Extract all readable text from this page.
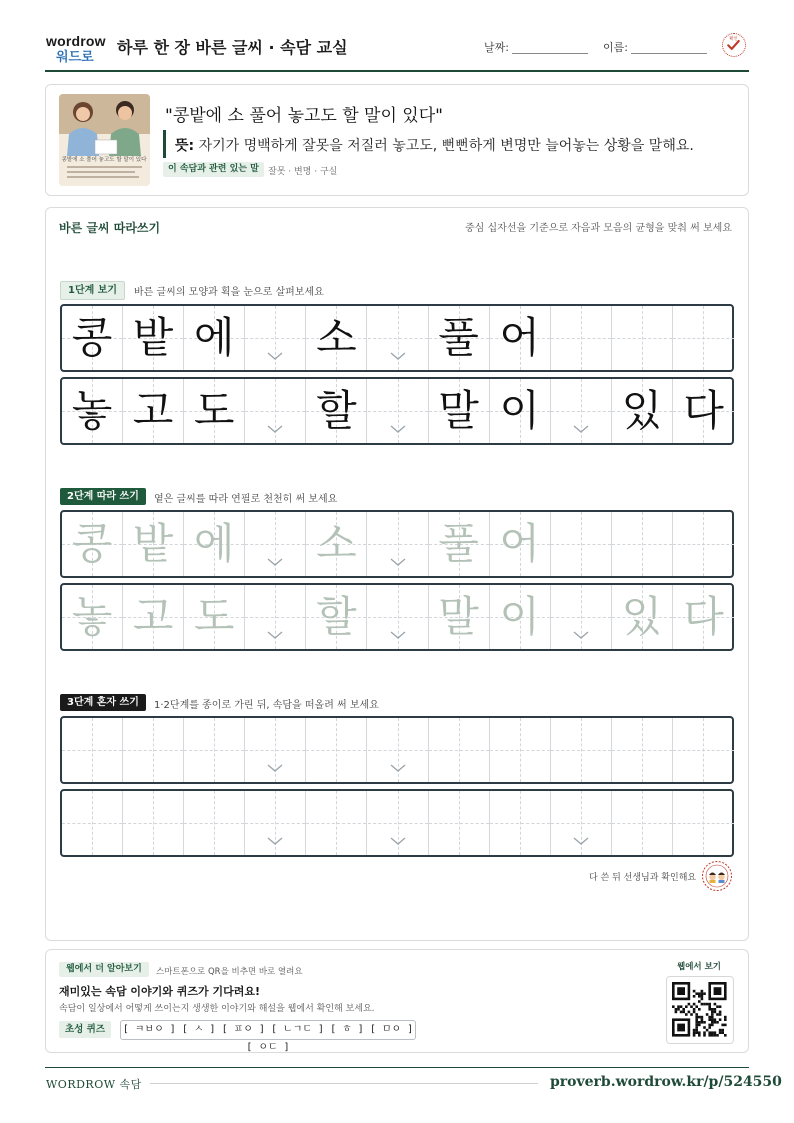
wordrow
워드로
하루 한 장 바른 글씨 · 속담 교실	날짜:	이름:
확인
콩밭에 소 풀어 놓고도 할 말이 있다
"콩밭에 소 풀어 놓고도 할 말이 있다"
뜻: 자기가 명백하게 잘못을 저질러 놓고도, 뻔뻔하게 변명만 늘어놓는 상황을 말해요.
이 속담과 관련 있는 말	잘못 · 변명 · 구실
바른 글씨 따라쓰기	중심 십자선을 기준으로 자음과 모음의 균형을 맞춰 써 보세요
1단계 보기	바른 글씨의 모양과 획을 눈으로 살펴보세요
콩 밭 에 소 풀 어
놓 고 도 할 말 이 있 다
2단계 따라 쓰기	옅은 글씨를 따라 연필로 천천히 써 보세요
콩 밭 에 소 풀 어
놓 고 도 할 말 이 있 다
3단계 혼자 쓰기	1·2단계를 종이로 가린 뒤, 속담을 떠올려 써 보세요
다 쓴 뒤 선생님과 확인해요
웹에서 더 알아보기	스마트폰으로 QR을 비추면 바로 열려요
재미있는 속담 이야기와 퀴즈가 기다려요!
속담이 일상에서 어떻게 쓰이는지 생생한 이야기와 해설을 웹에서 확인해 보세요.
초성 퀴즈	[ ㅋㅂㅇ ] [ ㅅ ] [ ㅍㅇ ] [ ㄴㄱㄷ ] [ ㅎ ] [ ㅁㅇ ] [ ㅇㄷ ]
웹에서 보기
WORDROW 속담	proverb.wordrow.kr/p/524550
